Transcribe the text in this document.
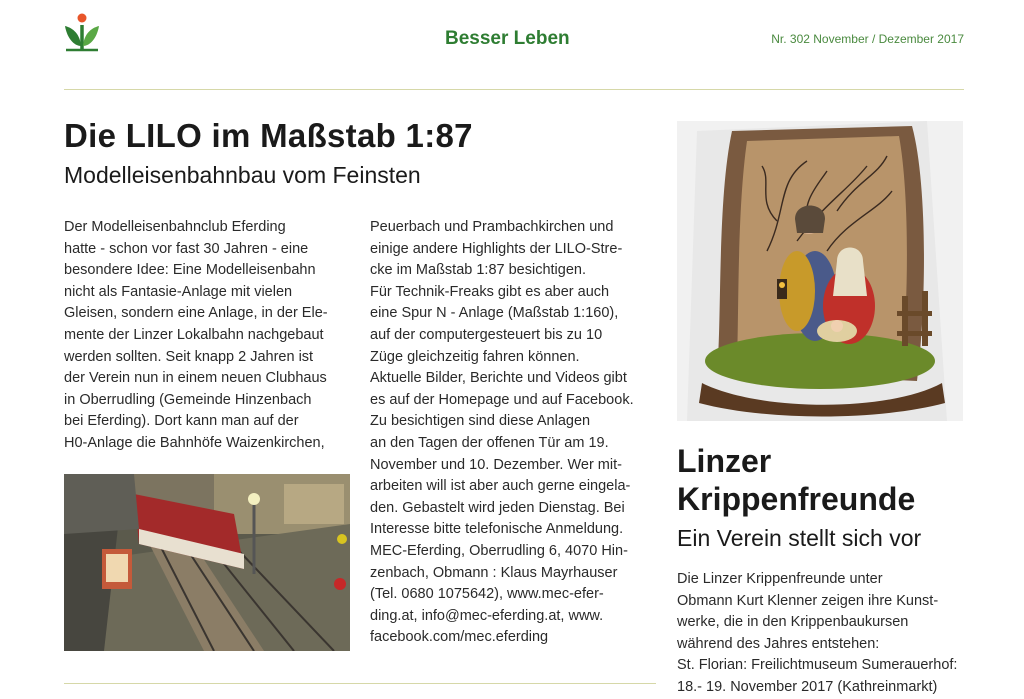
Besser Leben	Nr. 302 November / Dezember 2017
Die LILO im Maßstab 1:87
Modelleisenbahnbau vom Feinsten

Der Modelleisenbahnclub Eferding

hatte - schon vor fast 30 Jahren - eine

besondere Idee: Eine Modelleisenbahn

nicht als Fantasie-Anlage mit vielen

Gleisen, sondern eine Anlage, in der Ele-

mente der Linzer Lokalbahn nachgebaut

werden sollten. Seit knapp 2 Jahren ist

der Verein nun in einem neuen Clubhaus

in Oberrudling (Gemeinde Hinzenbach

bei Eferding). Dort kann man auf der

H0-Anlage die Bahnhöfe Waizenkirchen,

Peuerbach und Prambachkirchen und

einige andere Highlights der LILO-Stre-

cke im Maßstab 1:87 besichtigen.

Für Technik-Freaks gibt es aber auch

eine Spur N - Anlage (Maßstab 1:160),

auf der computergesteuert bis zu 10

Züge gleichzeitig fahren können.

Aktuelle Bilder, Berichte und Videos gibt

es auf der Homepage und auf Facebook.

Zu besichtigen sind diese Anlagen

an den Tagen der offenen Tür am 19.

November und 10. Dezember. Wer mit-

arbeiten will ist aber auch gerne eingela-

den. Gebastelt wird jeden Dienstag. Bei

Interesse bitte telefonische Anmeldung.

MEC-Eferding, Oberrudling 6, 4070 Hin-

zenbach, Obmann : Klaus Mayrhauser

(Tel. 0680 1075642), www.mec-efer-

ding.at, info@mec-eferding.at, www.

facebook.com/mec.eferding

Linzer
Krippenfreunde
Ein Verein stellt sich vor

Die Linzer Krippenfreunde unter

Obmann Kurt Klenner zeigen ihre Kunst-

werke, die in den Krippenbaukursen

während des Jahres entstehen:

St. Florian: Freilichtmuseum Sumerauerhof:

18.- 19. November 2017 (Kathreinmarkt)
